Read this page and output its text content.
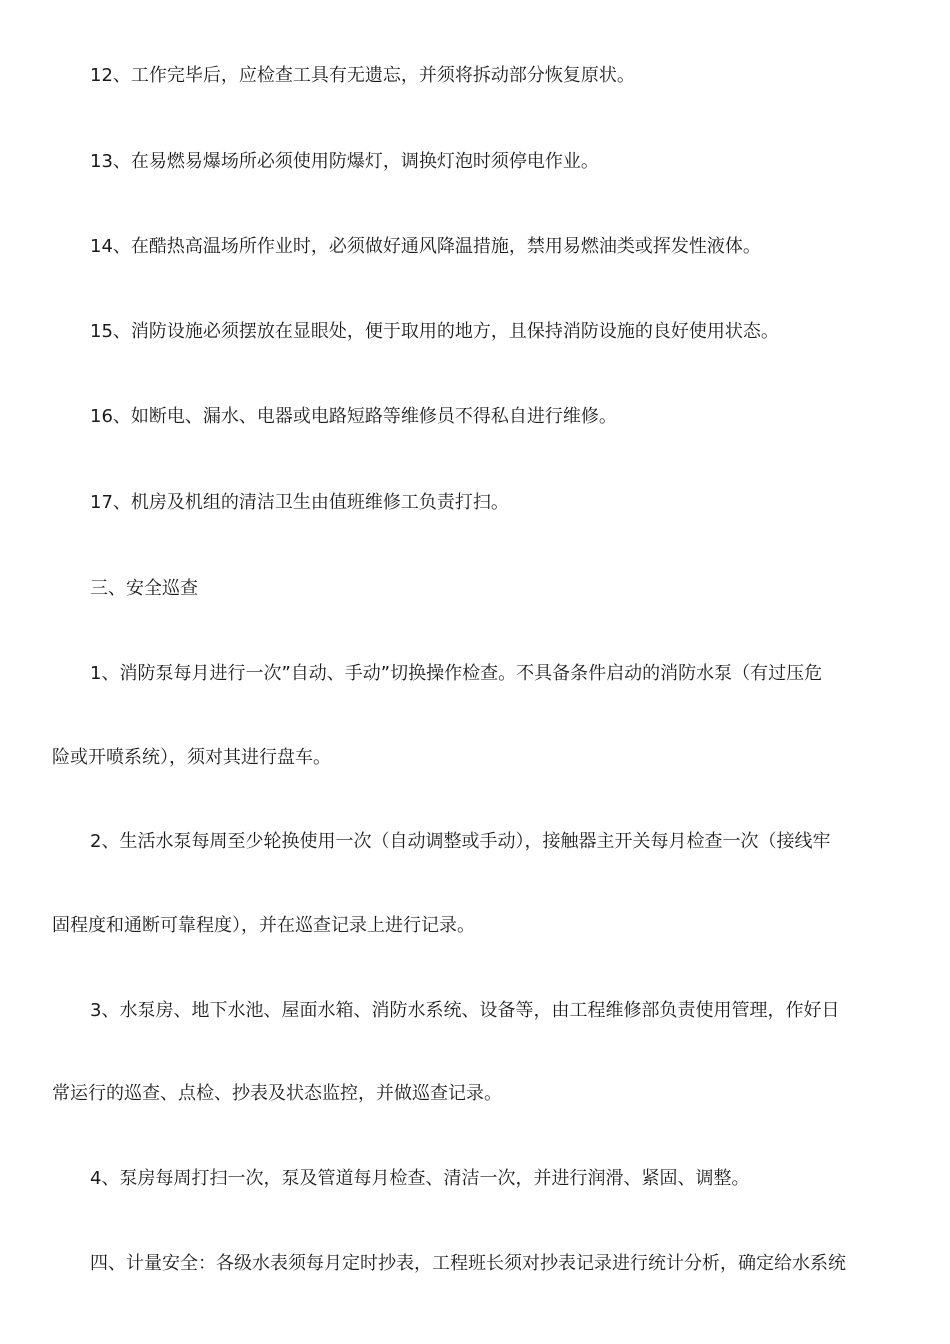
12、工作完毕后，应检查工具有无遗忘，并须将拆动部分恢复原状。
13、在易燃易爆场所必须使用防爆灯，调换灯泡时须停电作业。
14、在酷热高温场所作业时，必须做好通风降温措施，禁用易燃油类或挥发性液体。
15、消防设施必须摆放在显眼处，便于取用的地方，且保持消防设施的良好使用状态。
16、如断电、漏水、电器或电路短路等维修员不得私自进行维修。
17、机房及机组的清洁卫生由值班维修工负责打扫。
三、安全巡查
1、消防泵每月进行一次”自动、手动”切换操作检查。不具备条件启动的消防水泵（有过压危
险或开喷系统），须对其进行盘车。
2、生活水泵每周至少轮换使用一次（自动调整或手动），接触器主开关每月检查一次（接线牢
固程度和通断可靠程度），并在巡查记录上进行记录。
3、水泵房、地下水池、屋面水箱、消防水系统、设备等，由工程维修部负责使用管理，作好日
常运行的巡查、点检、抄表及状态监控，并做巡查记录。
4、泵房每周打扫一次，泵及管道每月检查、清洁一次，并进行润滑、紧固、调整。
四、计量安全：各级水表须每月定时抄表，工程班长须对抄表记录进行统计分析，确定给水系统
